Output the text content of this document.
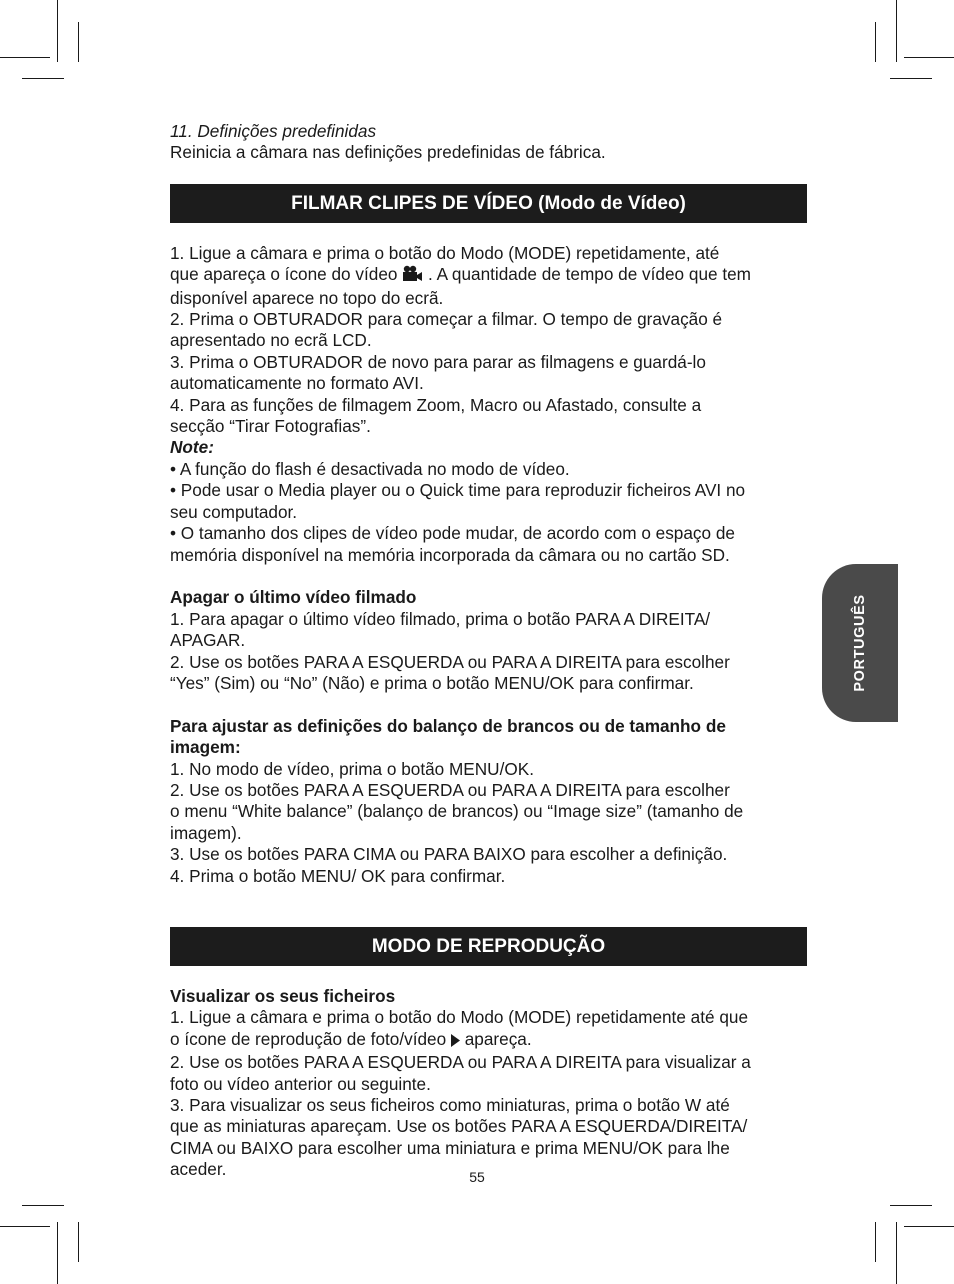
PORTUGUÊS

11. Definições predefinidas

Reinicia a câmara nas definições predefinidas de fábrica.

FILMAR CLIPES DE VÍDEO (Modo de Vídeo)

1. Ligue a câmara e prima o botão do Modo (MODE) repetidamente, até

que apareça o ícone do vídeo . A quantidade de tempo de vídeo que tem

disponível aparece no topo do ecrã.

2. Prima o OBTURADOR para começar a filmar. O tempo de gravação é

apresentado no ecrã LCD.

3. Prima o OBTURADOR de novo para parar as filmagens e guardá-lo

automaticamente no formato AVI.

4. Para as funções de filmagem Zoom, Macro ou Afastado, consulte a

secção “Tirar Fotografias”.

Note:

• A função do flash é desactivada no modo de vídeo.

• Pode usar o Media player ou o Quick time para reproduzir ficheiros AVI no

seu computador.

• O tamanho dos clipes de vídeo pode mudar, de acordo com o espaço de

memória disponível na memória incorporada da câmara ou no cartão SD.

Apagar o último vídeo filmado

1. Para apagar o último vídeo filmado, prima o botão PARA A DIREITA/

APAGAR.

2. Use os botões PARA A ESQUERDA ou PARA A DIREITA para escolher

“Yes” (Sim) ou “No” (Não) e prima o botão MENU/OK para confirmar.

Para ajustar as definições do balanço de brancos ou de tamanho de

imagem:

1. No modo de vídeo, prima o botão MENU/OK.

2. Use os botões PARA A ESQUERDA ou PARA A DIREITA para escolher

o menu “White balance” (balanço de brancos) ou “Image size” (tamanho de

imagem).

3. Use os botões PARA CIMA ou PARA BAIXO para escolher a definição.

4. Prima o botão MENU/ OK para confirmar.

MODO DE REPRODUÇÃO

Visualizar os seus ficheiros

1. Ligue a câmara e prima o botão do Modo (MODE) repetidamente até que

o ícone de reprodução de foto/vídeo apareça.

2. Use os botões PARA A ESQUERDA ou PARA A DIREITA para visualizar a

foto ou vídeo anterior ou seguinte.

3. Para visualizar os seus ficheiros como miniaturas, prima o botão W até

que as miniaturas apareçam. Use os botões PARA A ESQUERDA/DIREITA/

CIMA ou BAIXO para escolher uma miniatura e prima MENU/OK para lhe

aceder.	55
